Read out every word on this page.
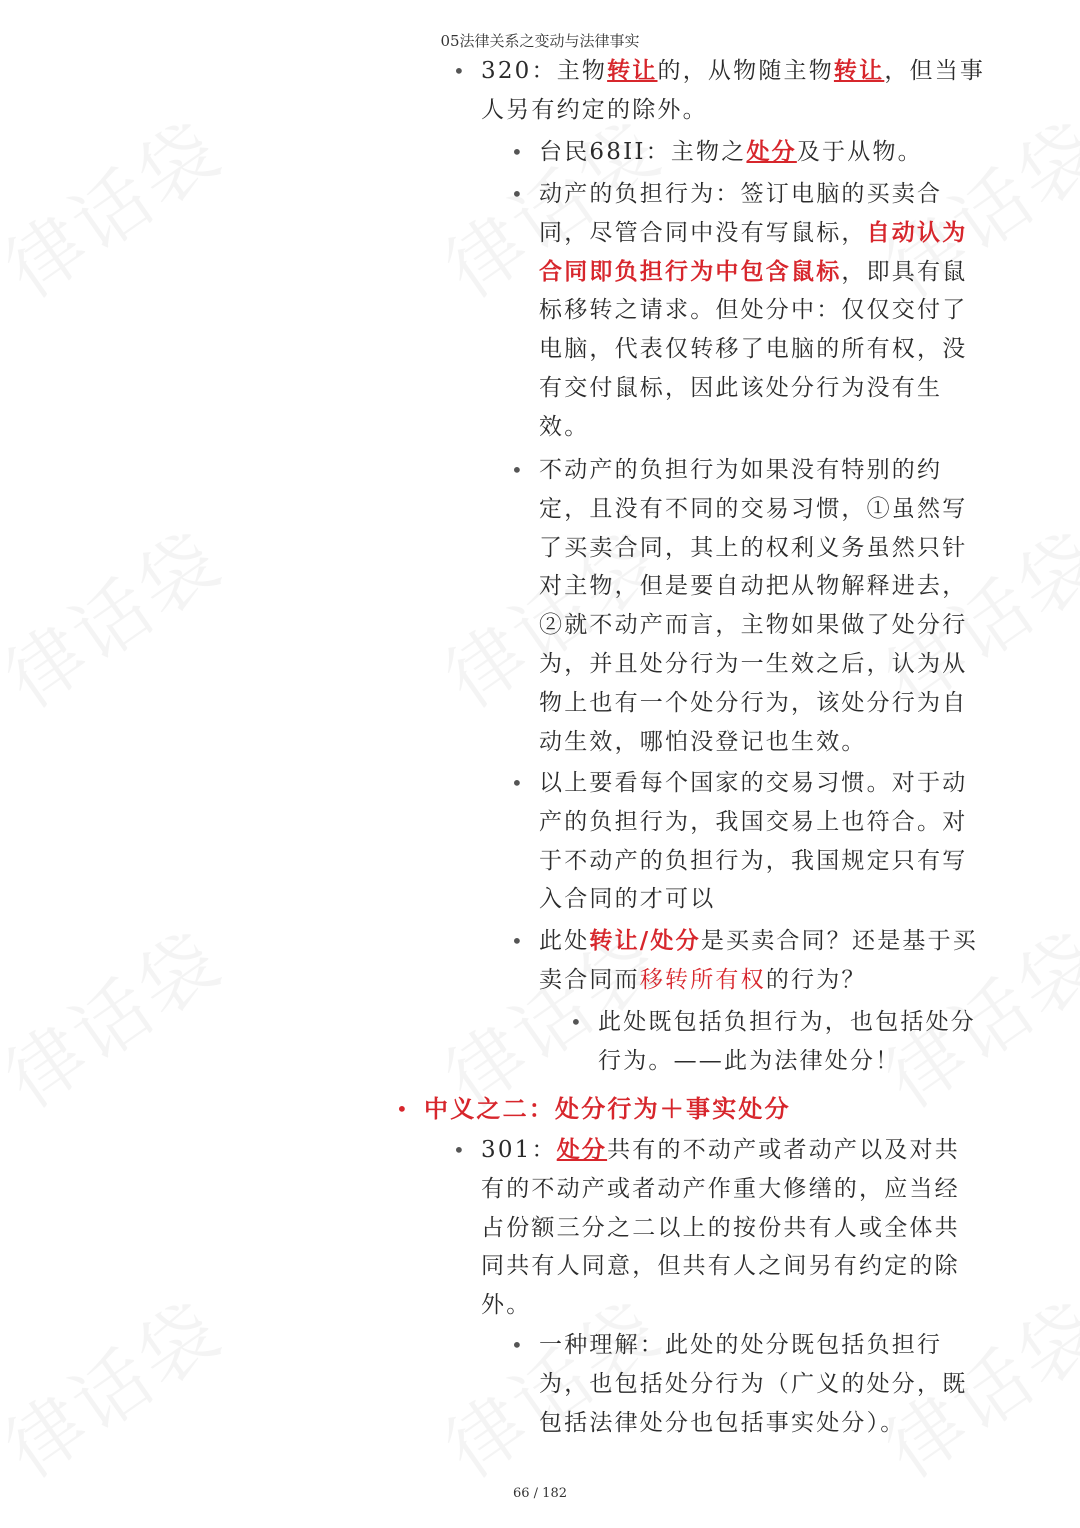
05法律关系之变动与法律事实
• 320：主物转让的，从物随主物转让，但当事人另有约定的除外。
• 台民68II：主物之处分及于从物。
• 动产的负担行为：签订电脑的买卖合同，尽管合同中没有写鼠标，自动认为合同即负担行为中包含鼠标，即具有鼠标移转之请求。但处分中：仅仅交付了电脑，代表仅转移了电脑的所有权，没有交付鼠标，因此该处分行为没有生效。
• 不动产的负担行为如果没有特别的约定，且没有不同的交易习惯，①虽然写了买卖合同，其上的权利义务虽然只针对主物，但是要自动把从物解释进去，②就不动产而言，主物如果做了处分行为，并且处分行为一生效之后，认为从物上也有一个处分行为，该处分行为自动生效，哪怕没登记也生效。
• 以上要看每个国家的交易习惯。对于动产的负担行为，我国交易上也符合。对于不动产的负担行为，我国规定只有写入合同的才可以
• 此处转让/处分是买卖合同？还是基于买卖合同而移转所有权的行为？
• 此处既包括负担行为，也包括处分行为。——此为法律处分！
• 中义之二：处分行为＋事实处分
• 301：处分共有的不动产或者动产以及对共有的不动产或者动产作重大修缮的，应当经占份额三分之二以上的按份共有人或全体共同共有人同意，但共有人之间另有约定的除外。
• 一种理解：此处的处分既包括负担行为，也包括处分行为（广义的处分，既包括法律处分也包括事实处分）。
66 / 182
